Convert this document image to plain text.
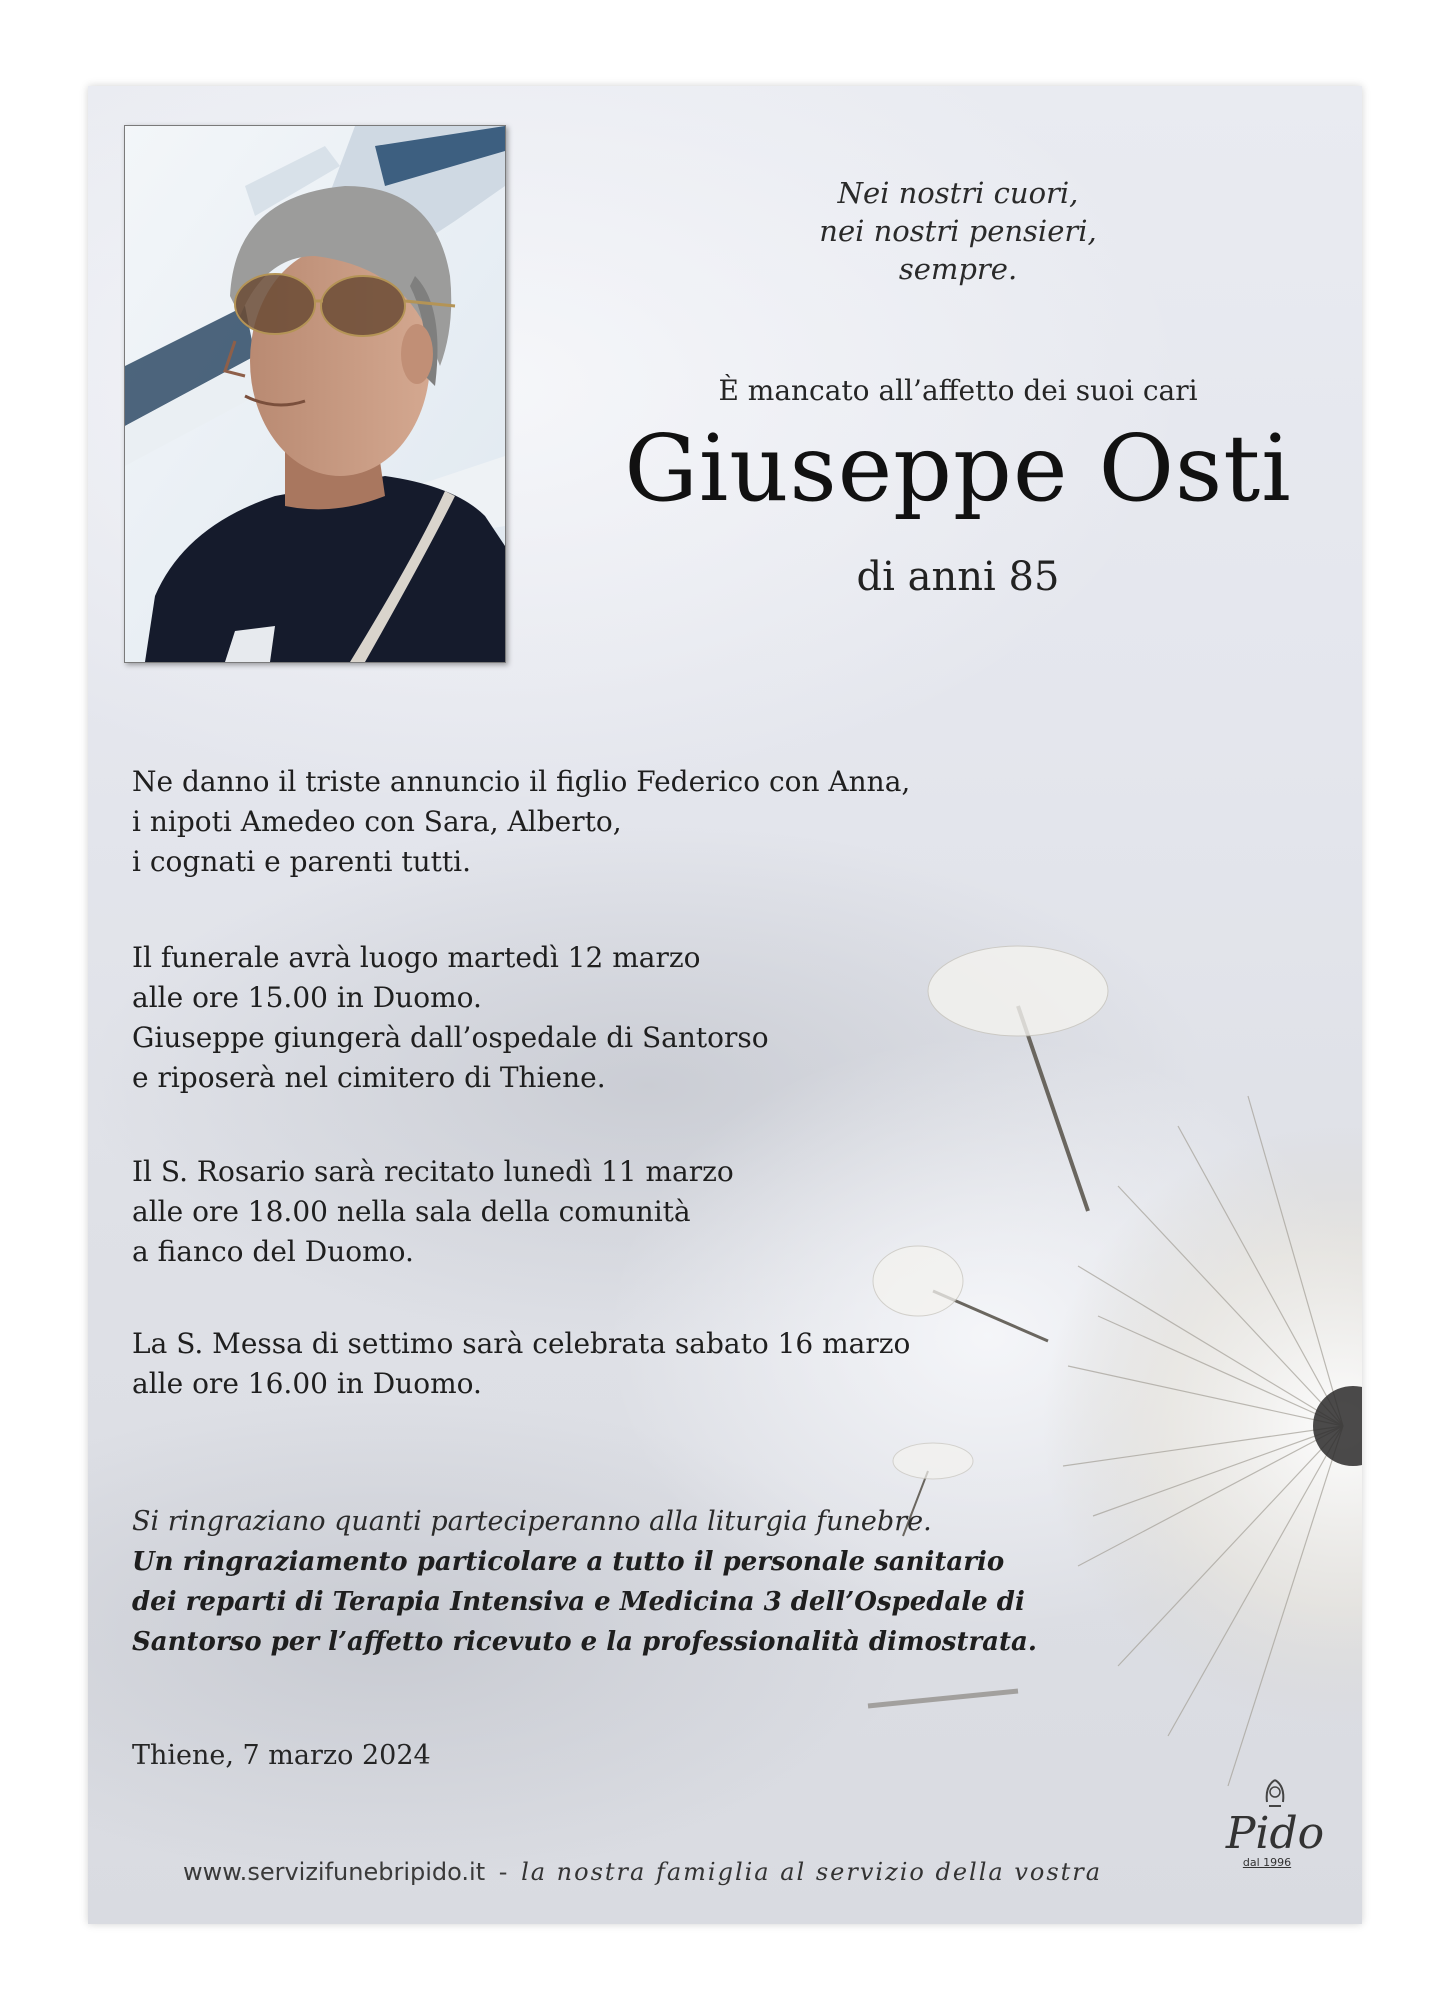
Nei nostri cuori,
nei nostri pensieri,
sempre.
È mancato all’affetto dei suoi cari
Giuseppe Osti
di anni 85
Ne danno il triste annuncio il figlio Federico con Anna,
i nipoti Amedeo con Sara, Alberto,
i cognati e parenti tutti.
Il funerale avrà luogo martedì 12 marzo
alle ore 15.00 in Duomo.
Giuseppe giungerà dall’ospedale di Santorso
e riposerà nel cimitero di Thiene.
Il S. Rosario sarà recitato lunedì 11 marzo
alle ore 18.00 nella sala della comunità
a fianco del Duomo.
La S. Messa di settimo sarà celebrata sabato 16 marzo
alle ore 16.00 in Duomo.
Si ringraziano quanti parteciperanno alla liturgia funebre.
Un ringraziamento particolare a tutto il personale sanitario
dei reparti di Terapia Intensiva e Medicina 3 dell’Ospedale di
Santorso per l’affetto ricevuto e la professionalità dimostrata.
Thiene, 7 marzo 2024
www.servizifunebripido.it - la nostra famiglia al servizio della vostra
Pido
dal 1996
